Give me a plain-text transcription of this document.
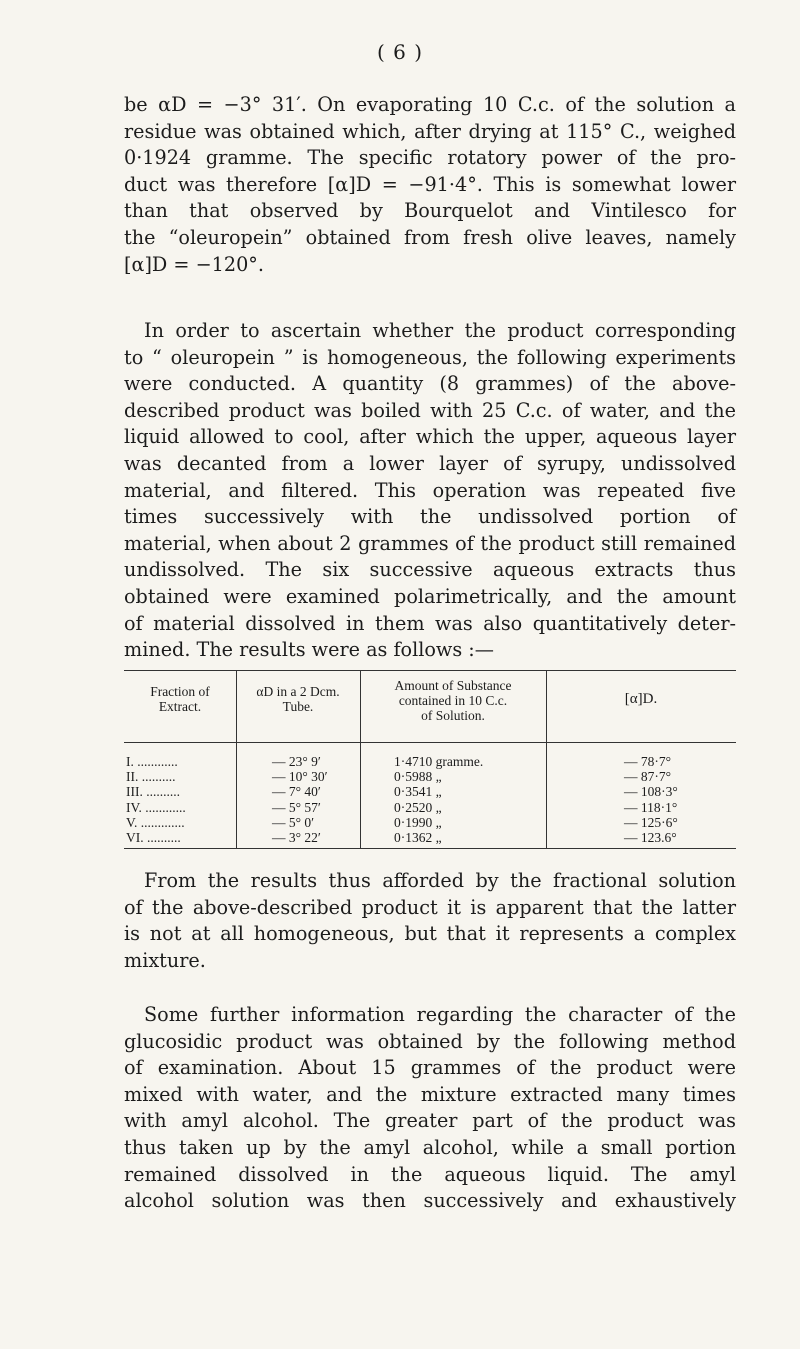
( 6 )
be αD = −3° 31′. On evaporating 10 C.c. of the solution a
residue was obtained which, after drying at 115° C., weighed
0·1924 gramme. The specific rotatory power of the pro-
duct was therefore [α]D = −91·4°. This is somewhat lower
than that observed by Bourquelot and Vintilesco for
the “oleuropein” obtained from fresh olive leaves, namely
[α]D = −120°.
In order to ascertain whether the product corresponding
to “ oleuropein ” is homogeneous, the following experiments
were conducted. A quantity (8 grammes) of the above-
described product was boiled with 25 C.c. of water, and the
liquid allowed to cool, after which the upper, aqueous layer
was decanted from a lower layer of syrupy, undissolved
material, and filtered. This operation was repeated five
times successively with the undissolved portion of
material, when about 2 grammes of the product still remained
undissolved. The six successive aqueous extracts thus
obtained were examined polarimetrically, and the amount
of material dissolved in them was also quantitatively deter-
mined. The results were as follows :—
Fraction of
Extract.
αD in a 2 Dcm.
Tube.
Amount of Substance
contained in 10 C.c.
of Solution.
[α]D.
I. ............
II. ..........
III. ..........
IV. ............
V. .............
VI. ..........
— 23° 9′
— 10° 30′
— 7° 40′
— 5° 57′
— 5° 0′
— 3° 22′
1·4710 gramme.
0·5988 „
0·3541 „
0·2520 „
0·1990 „
0·1362 „
— 78·7°
— 87·7°
— 108·3°
— 118·1°
— 125·6°
— 123.6°
From the results thus afforded by the fractional solution
of the above-described product it is apparent that the latter
is not at all homogeneous, but that it represents a complex
mixture.
Some further information regarding the character of the
glucosidic product was obtained by the following method
of examination. About 15 grammes of the product were
mixed with water, and the mixture extracted many times
with amyl alcohol. The greater part of the product was
thus taken up by the amyl alcohol, while a small portion
remained dissolved in the aqueous liquid. The amyl
alcohol solution was then successively and exhaustively
